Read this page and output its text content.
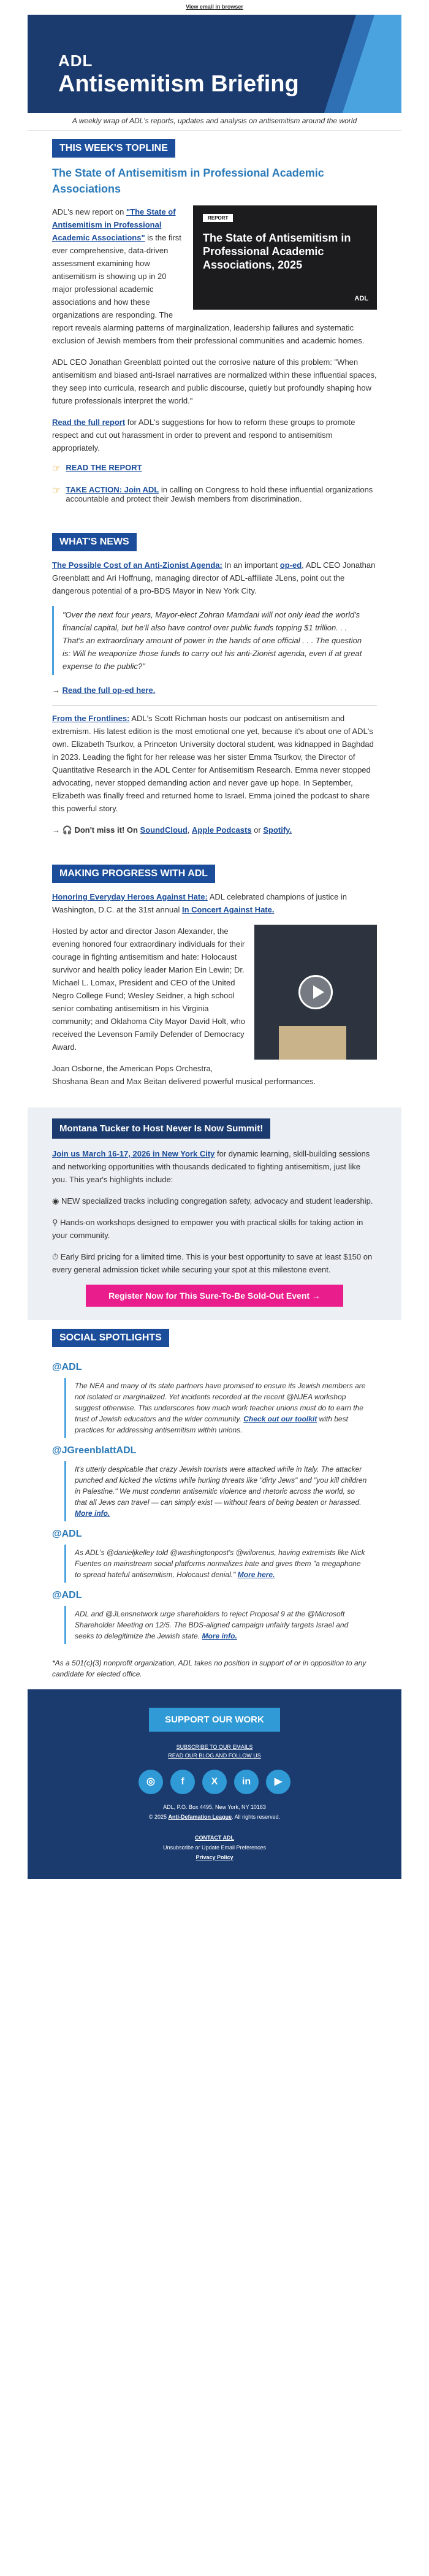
View email in browser
ADL
Antisemitism Briefing
A weekly wrap of ADL's reports, updates and analysis on antisemitism around the world
THIS WEEK'S TOPLINE
The State of Antisemitism in Professional Academic Associations
REPORT
The State of Antisemitism in Professional Academic Associations, 2025
ADL

ADL's new report on "The State of Antisemitism in Professional Academic Associations" is the first ever comprehensive, data-driven assessment examining how antisemitism is showing up in 20 major professional academic associations and how these organizations are responding. The report reveals alarming patterns of marginalization, leadership failures and systematic exclusion of Jewish members from their professional communities and academic homes.

ADL CEO Jonathan Greenblatt pointed out the corrosive nature of this problem: "When antisemitism and biased anti-Israel narratives are normalized within these influential spaces, they seep into curricula, research and public discourse, quietly but profoundly shaping how future professionals interpret the world."

Read the full report for ADL's suggestions for how to reform these groups to promote respect and cut out harassment in order to prevent and respond to antisemitism appropriately.

☞ READ THE REPORT
☞ TAKE ACTION: Join ADL in calling on Congress to hold these influential organizations accountable and protect their Jewish members from discrimination.
WHAT'S NEWS

The Possible Cost of an Anti-Zionist Agenda: In an important op-ed, ADL CEO Jonathan Greenblatt and Ari Hoffnung, managing director of ADL-affiliate JLens, point out the dangerous potential of a pro-BDS Mayor in New York City.

"Over the next four years, Mayor-elect Zohran Mamdani will not only lead the world's financial capital, but he'll also have control over public funds topping $1 trillion. . . That's an extraordinary amount of power in the hands of one official . . . The question is: Will he weaponize those funds to carry out his anti-Zionist agenda, even if at great expense to the public?"

→ Read the full op-ed here.

From the Frontlines: ADL's Scott Richman hosts our podcast on antisemitism and extremism. His latest edition is the most emotional one yet, because it's about one of ADL's own. Elizabeth Tsurkov, a Princeton University doctoral student, was kidnapped in Baghdad in 2023. Leading the fight for her release was her sister Emma Tsurkov, the Director of Quantitative Research in the ADL Center for Antisemitism Research. Emma never stopped advocating, never stopped demanding action and never gave up hope. In September, Elizabeth was finally freed and returned home to Israel. Emma joined the podcast to share this powerful story.

→ 🎧 Don't miss it! On SoundCloud, Apple Podcasts or Spotify.

MAKING PROGRESS WITH ADL

Honoring Everyday Heroes Against Hate: ADL celebrated champions of justice in Washington, D.C. at the 31st annual In Concert Against Hate.

Hosted by actor and director Jason Alexander, the evening honored four extraordinary individuals for their courage in fighting antisemitism and hate: Holocaust survivor and health policy leader Marion Ein Lewin; Dr. Michael L. Lomax, President and CEO of the United Negro College Fund; Wesley Seidner, a high school senior combating antisemitism in his Virginia community; and Oklahoma City Mayor David Holt, who received the Levenson Family Defender of Democracy Award.

Joan Osborne, the American Pops Orchestra, Shoshana Bean and Max Beitan delivered powerful musical performances.

Montana Tucker to Host Never Is Now Summit!

Join us March 16-17, 2026 in New York City for dynamic learning, skill-building sessions and networking opportunities with thousands dedicated to fighting antisemitism, just like you. This year's highlights include:

◉ NEW specialized tracks including congregation safety, advocacy and student leadership.

⚲ Hands-on workshops designed to empower you with practical skills for taking action in your community.

⏱ Early Bird pricing for a limited time. This is your best opportunity to save at least $150 on every general admission ticket while securing your spot at this milestone event.

Register Now for This Sure-To-Be Sold-Out Event →
SOCIAL SPOTLIGHTS
@ADL
The NEA and many of its state partners have promised to ensure its Jewish members are not isolated or marginalized. Yet incidents recorded at the recent @NJEA workshop suggest otherwise. This underscores how much work teacher unions must do to earn the trust of Jewish educators and the wider community. Check out our toolkit with best practices for addressing antisemitism within unions.
@JGreenblattADL
It's utterly despicable that crazy Jewish tourists were attacked while in Italy. The attacker punched and kicked the victims while hurling threats like "dirty Jews" and "you kill children in Palestine." We must condemn antisemitic violence and rhetoric across the world, so that all Jews can travel — can simply exist — without fears of being beaten or harassed. More info.
@ADL
As ADL's @danieljkelley told @washingtonpost's @wilorenus, having extremists like Nick Fuentes on mainstream social platforms normalizes hate and gives them "a megaphone to spread hateful antisemitism, Holocaust denial." More here.
@ADL
ADL and @JLensnetwork urge shareholders to reject Proposal 9 at the @Microsoft Shareholder Meeting on 12/5. The BDS-aligned campaign unfairly targets Israel and seeks to delegitimize the Jewish state. More info.
*As a 501(c)(3) nonprofit organization, ADL takes no position in support of or in opposition to any candidate for elected office.
SUPPORT OUR WORK
SUBSCRIBE TO OUR EMAILS
READ OUR BLOG AND FOLLOW US
◎	f	X	in	▶
ADL, P.O. Box 4495, New York, NY 10163
© 2025 Anti-Defamation League. All rights reserved.
CONTACT ADL
Unsubscribe or Update Email Preferences
Privacy Policy
